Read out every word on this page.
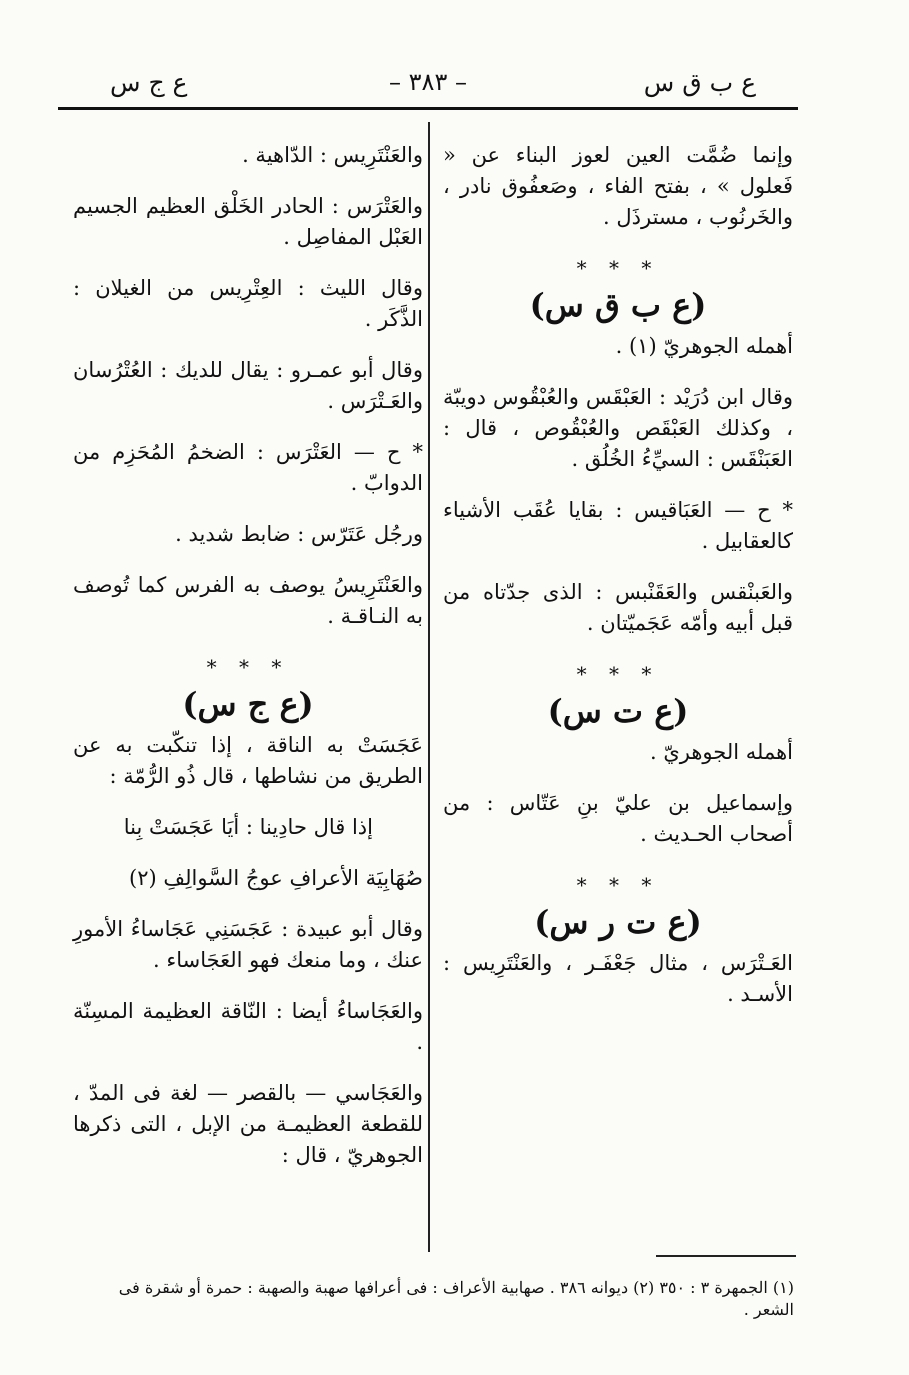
ع ب ق س
– ٣٨٣ –
ع ج س

وإنما ضُمَّت العين لعوز البناء عن « فَعلول » ، بفتح الفاء ، وصَعفُوق نادر ، والخَرنُوب ، مسترذَل .

* * *
(ع ب ق س)

أهمله الجوهريّ (١) .

وقال ابن دُرَيْد : العَبْقَس والعُبْقُوس دويبّة ، وكذلك العَبْقَص والعُبْقُوص ، قال : العَبَنْقَس : السيِّءُ الخُلُق .

* ح — العَبَاقيس : بقايا عُقَب الأشياء كالعقابيل .

والعَبنْقس والعَقَنْبس : الذى جدّتاه من قبل أبيه وأمّه عَجَميّتان .

* * *
(ع ت س)

أهمله الجوهريّ .

وإسماعيل بن عليّ بنِ عَتّاس : من أصحاب الحـديث .

* * *
(ع ت ر س)

العَـتْرَس ، مثال جَعْفَـر ، والعَنْتَرِيس : الأسـد .

والعَنْتَرِيس : الدّاهية .

والعَتْرَس : الحادر الخَلْق العظيم الجسيم العَبْل المفاصِل .

وقال الليث : العِتْرِيس من الغيلان : الذَّكَر .

وقال أبو عمـرو : يقال للديك : العُتْرُسان والعَـتْرَس .

* ح — العَتْرَس : الضخمُ المُحَزِم من الدوابّ .

ورجُل عَتَرّس : ضابط شديد .

والعَنْتَرِيسُ يوصف به الفرس كما تُوصف به النـاقـة .

* * *
(ع ج س)

عَجَسَتْ به الناقة ، إذا تنكّبت به عن الطريق من نشاطها ، قال ذُو الرُّمّة :

إذا قال حادِينا : أيَا عَجَسَتْ بِنا

صُهَابِيَة الأعرافِ عوجُ السَّوالِفِ (٢)

وقال أبو عبيدة : عَجَسَنِي عَجَاساءُ الأمورِ عنك ، وما منعك فهو العَجَاساء .

والعَجَاساءُ أيضا : النّاقة العظيمة المسِنّة .

والعَجَاسي — بالقصر — لغة فى المدّ ، للقطعة العظيمـة من الإبل ، التى ذكرها الجوهريّ ، قال :

(١) الجمهرة ٣ : ٣٥٠ (٢) ديوانه ٣٨٦ . صهابية الأعراف : فى أعرافها صهبة والصهبة : حمرة أو شقرة فى الشعر .
